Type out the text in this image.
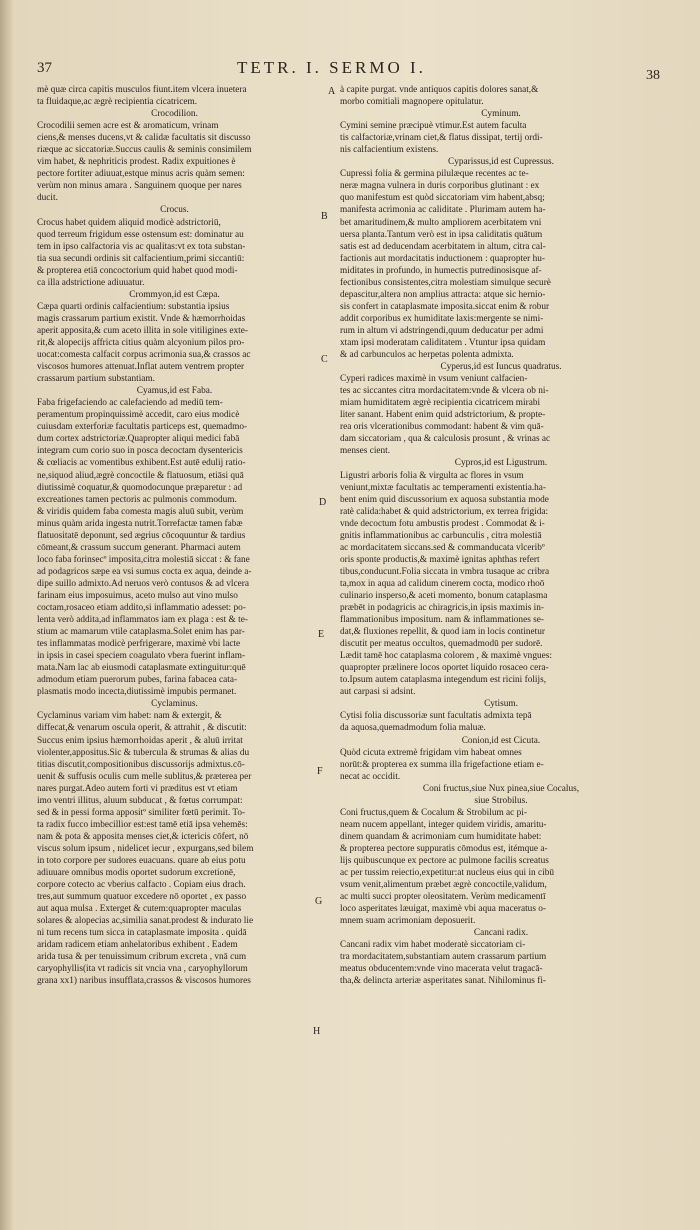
37	TETR. I. SERMO I.	38

mè quæ circa capitis musculos fiunt.item vlcera inuetera

ta fluidaque,ac ægrè recipientia cicatricem.

Crocodilion.

Crocodilii semen acre est & aromaticum, vrinam

ciens,& menses ducens,vt & calidæ facultatis sit discusso

riæque ac siccatoriæ.Succus caulis & seminis consimilem

vim habet, & nephriticis prodest. Radix expuitiones è

pectore fortiter adiuuat,estque minus acris quàm semen:

verùm non minus amara . Sanguinem quoque per nares

ducit.

Crocus.

Crocus habet quidem aliquid modicè adstrictoriū,

quod terreum frigidum esse ostensum est: dominatur au

tem in ipso calfactoria vis ac qualitas:vt ex tota substan-

tia sua secundi ordinis sit calfacientium,primi siccantiū:

& propterea etiā concoctorium quid habet quod modi-

ca illa adstrictione adiuuatur.

Crommyon,id est Cæpa.

Cæpa quarti ordinis calfacientium: substantia ipsius

magis crassarum partium existit. Vnde & hæmorrhoidas

aperit apposita,& cum aceto illita in sole vitiligines exte-

rit,& alopecijs affricta citius quàm alcyonium pilos pro-

uocat:comesta calfacit corpus acrimonia sua,& crassos ac

viscosos humores attenuat.Inflat autem ventrem propter

crassarum partium substantiam.

Cyamus,id est Faba.

Faba frigefaciendo ac calefaciendo ad mediū tem-

peramentum propinquissimè accedit, caro eius modicè

cuiusdam exterforiæ facultatis particeps est, quemadmo-

dum cortex adstrictoriæ.Quapropter aliqui medici fabā

integram cum corio suo in posca decoctam dysentericis

& cœliacis ac vomentibus exhibent.Est autē edulij ratio-

ne,siquod aliud,ægrè concoctile & flatuosum, etiāsi quā

diutissimè coquatur,& quomodocunque præparetur : ad

excreationes tamen pectoris ac pulmonis commodum.

& viridis quidem faba comesta magis aluū subit, verùm

minus quàm arida ingesta nutrit.Torrefactæ tamen fabæ

flatuositatē deponunt, sed ægrius cōcoquuntur & tardius

cōmeant,& crassum succum generant. Pharmaci autem

loco faba forinsecº imposita,citra molestiā siccat : & fane

ad podagricos sæpe ea vsi sumus cocta ex aqua, deinde a-

dipe suillo admixto.Ad neruos verò contusos & ad vlcera

farinam eius imposuimus, aceto mulso aut vino mulso

coctam,rosaceo etiam addito,si inflammatio adesset: po-

lenta verò addita,ad inflammatos iam ex plaga : est & te-

stium ac mamarum vtile cataplasma.Solet enim has par-

tes inflammatas modicè perfrigerare, maximè vbi lacte

in ipsis in casei speciem coagulato vbera fuerint inflam-

mata.Nam lac ab eiusmodi cataplasmate extinguitur:quē

admodum etiam puerorum pubes, farina fabacea cata-

plasmatis modo incecta,diutissimè impubis permanet.

Cyclaminus.

Cyclaminus variam vim habet: nam & extergit, &

diffecat,& venarum oscula operit, & attrahit , & discutit:

Succus enim ipsius hæmorrhoidas aperit , & aluū irritat

violenter,appositus.Sic & tubercula & strumas & alias du

titias discutit,compositionibus discussorijs admixtus.cō-

uenit & suffusis oculis cum melle sublitus,& præterea per

nares purgat.Adeo autem forti vi præditus est vt etiam

imo ventri illitus, aluum subducat , & fœtus corrumpat:

sed & in pessi forma appositº similiter fœtū perimit. To-

ta radix fucco imbecillior est:est tamē etiā ipsa vehemēs:

nam & pota & apposita menses ciet,& ictericis cōfert, nō

viscus solum ipsum , nidelicet iecur , expurgans,sed bilem

in toto corpore per sudores euacuans. quare ab eius potu

adiuuare omnibus modis oportet sudorum excretionē,

corpore cotecto ac vberius calfacto . Copiam eius drach.

tres,aut summum quatuor excedere nō oportet , ex passo

aut aqua mulsa . Exterget & cutem:quapropter maculas

solares & alopecias ac,similia sanat.prodest & indurato lie

ni tum recens tum sicca in cataplasmate imposita . quidā

aridam radicem etiam anhelatoribus exhibent . Eadem

arida tusa & per tenuissimum cribrum excreta , vnā cum

caryophyllis(ita vt radicis sit vncia vna , caryophyllorum

grana xx1) naribus insufflata,crassos & viscosos humores

à capite purgat. vnde antiquos capitis dolores sanat,&

morbo comitiali magnopere opitulatur.

Cyminum.

Cymini semine præcipuè vtimur.Est autem faculta

tis calfactoriæ,vrinam ciet,& flatus dissipat, tertij ordi-

nis calfacientium existens.

Cyparissus,id est Cupressus.

Cupressi folia & germina pilulæque recentes ac te-

neræ magna vulnera in duris corporibus glutinant : ex

quo manifestum est quòd siccatoriam vim habent,absq;

manifesta acrimonia ac caliditate . Plurimam autem ha-

bet amaritudinem,& multo ampliorem acerbitatem vni

uersa planta.Tantum verò est in ipsa caliditatis quātum

satis est ad deducendam acerbitatem in altum, citra cal-

factionis aut mordacitatis inductionem : quapropter hu-

miditates in profundo, in humectis putredinosisque af-

fectionibus consistentes,citra molestiam simulque securè

depascitur,altera non amplius attracta: atque sic hernio-

sis confert in cataplasmate imposita.siccat enim & robur

addit corporibus ex humiditate laxis:mergente se nimi-

rum in altum vi adstringendi,quum deducatur per admi

xtam ipsi moderatam caliditatem . Vtuntur ipsa quidam

& ad carbunculos ac herpetas polenta admixta.

Cyperus,id est Iuncus quadratus.

Cyperi radices maximè in vsum veniunt calfacien-

tes ac siccantes citra mordacitatem:vnde & vlcera ob ni-

miam humiditatem ægrè recipientia cicatricem mirabi

liter sanant. Habent enim quid adstrictorium, & propte-

rea oris vlcerationibus commodant: habent & vim quā-

dam siccatoriam , qua & calculosis prosunt , & vrinas ac

menses cient.

Cypros,id est Ligustrum.

Ligustri arboris folia & virgulta ac flores in vsum

veniunt,mixtæ facultatis ac temperamenti existentia.ha-

bent enim quid discussorium ex aquosa substantia mode

ratè calida:habet & quid adstrictorium, ex terrea frigida:

vnde decoctum fotu ambustis prodest . Commodat & i-

gnitis inflammationibus ac carbunculis , citra molestiā

ac mordacitatem siccans.sed & commanducata vlceribº

oris sponte productis,& maximè ignitas aphthas refert

tibus,conducunt.Folia siccata in vmbra tusaque ac cribra

ta,mox in aqua ad calidum cinerem cocta, modico rhoō

culinario insperso,& aceti momento, bonum cataplasma

præbēt in podagricis ac chiragricis,in ipsis maximis in-

flammationibus impositum. nam & inflammationes se-

dat,& fluxiones repellit, & quod iam in locis continetur

discutit per meatus occultos, quemadmodū per sudorē.

Lædit tamē hoc cataplasma colorem , & maximè vngues:

quapropter prælinere locos oportet liquido rosaceo cera-

to.Ipsum autem cataplasma integendum est ricini folijs,

aut carpasi si adsint.

Cytisum.

Cytisi folia discussoriæ sunt facultatis admixta tepā

da aquosa,quemadmodum folia maluæ.

Conion,id est Cicuta.

Quòd cicuta extremè frigidam vim habeat omnes

norūt:& propterea ex summa illa frigefactione etiam e-

necat ac occidit.

Coni fructus,siue Nux pinea,siue Cocalus,

siue Strobilus.

Coni fructus,quem & Cocalum & Strobilum ac pi-

neam nucem appellant, integer quidem viridis, amaritu-

dinem quandam & acrimoniam cum humiditate habet:

& propterea pectore suppuratis cōmodus est, itémque a-

lijs quibuscunque ex pectore ac pulmone facilis screatus

ac per tussim reiectio,expetitur:at nucleus eius qui in cibū

vsum venit,alimentum præbet ægrè concoctile,validum,

ac multi succi propter oleositatem. Verùm medicamentī

loco asperitates læuigat, maximè vbi aqua maceratus o-

mnem suam acrimoniam deposuerit.

Cancani radix.

Cancani radix vim habet moderatè siccatoriam ci-

tra mordacitatem,substantiam autem crassarum partium

meatus obducentem:vnde vino macerata velut tragacā-

tha,& delincta arteriæ asperitates sanat. Nihilominus fi-

A
B
C
D
E
F
G
H
